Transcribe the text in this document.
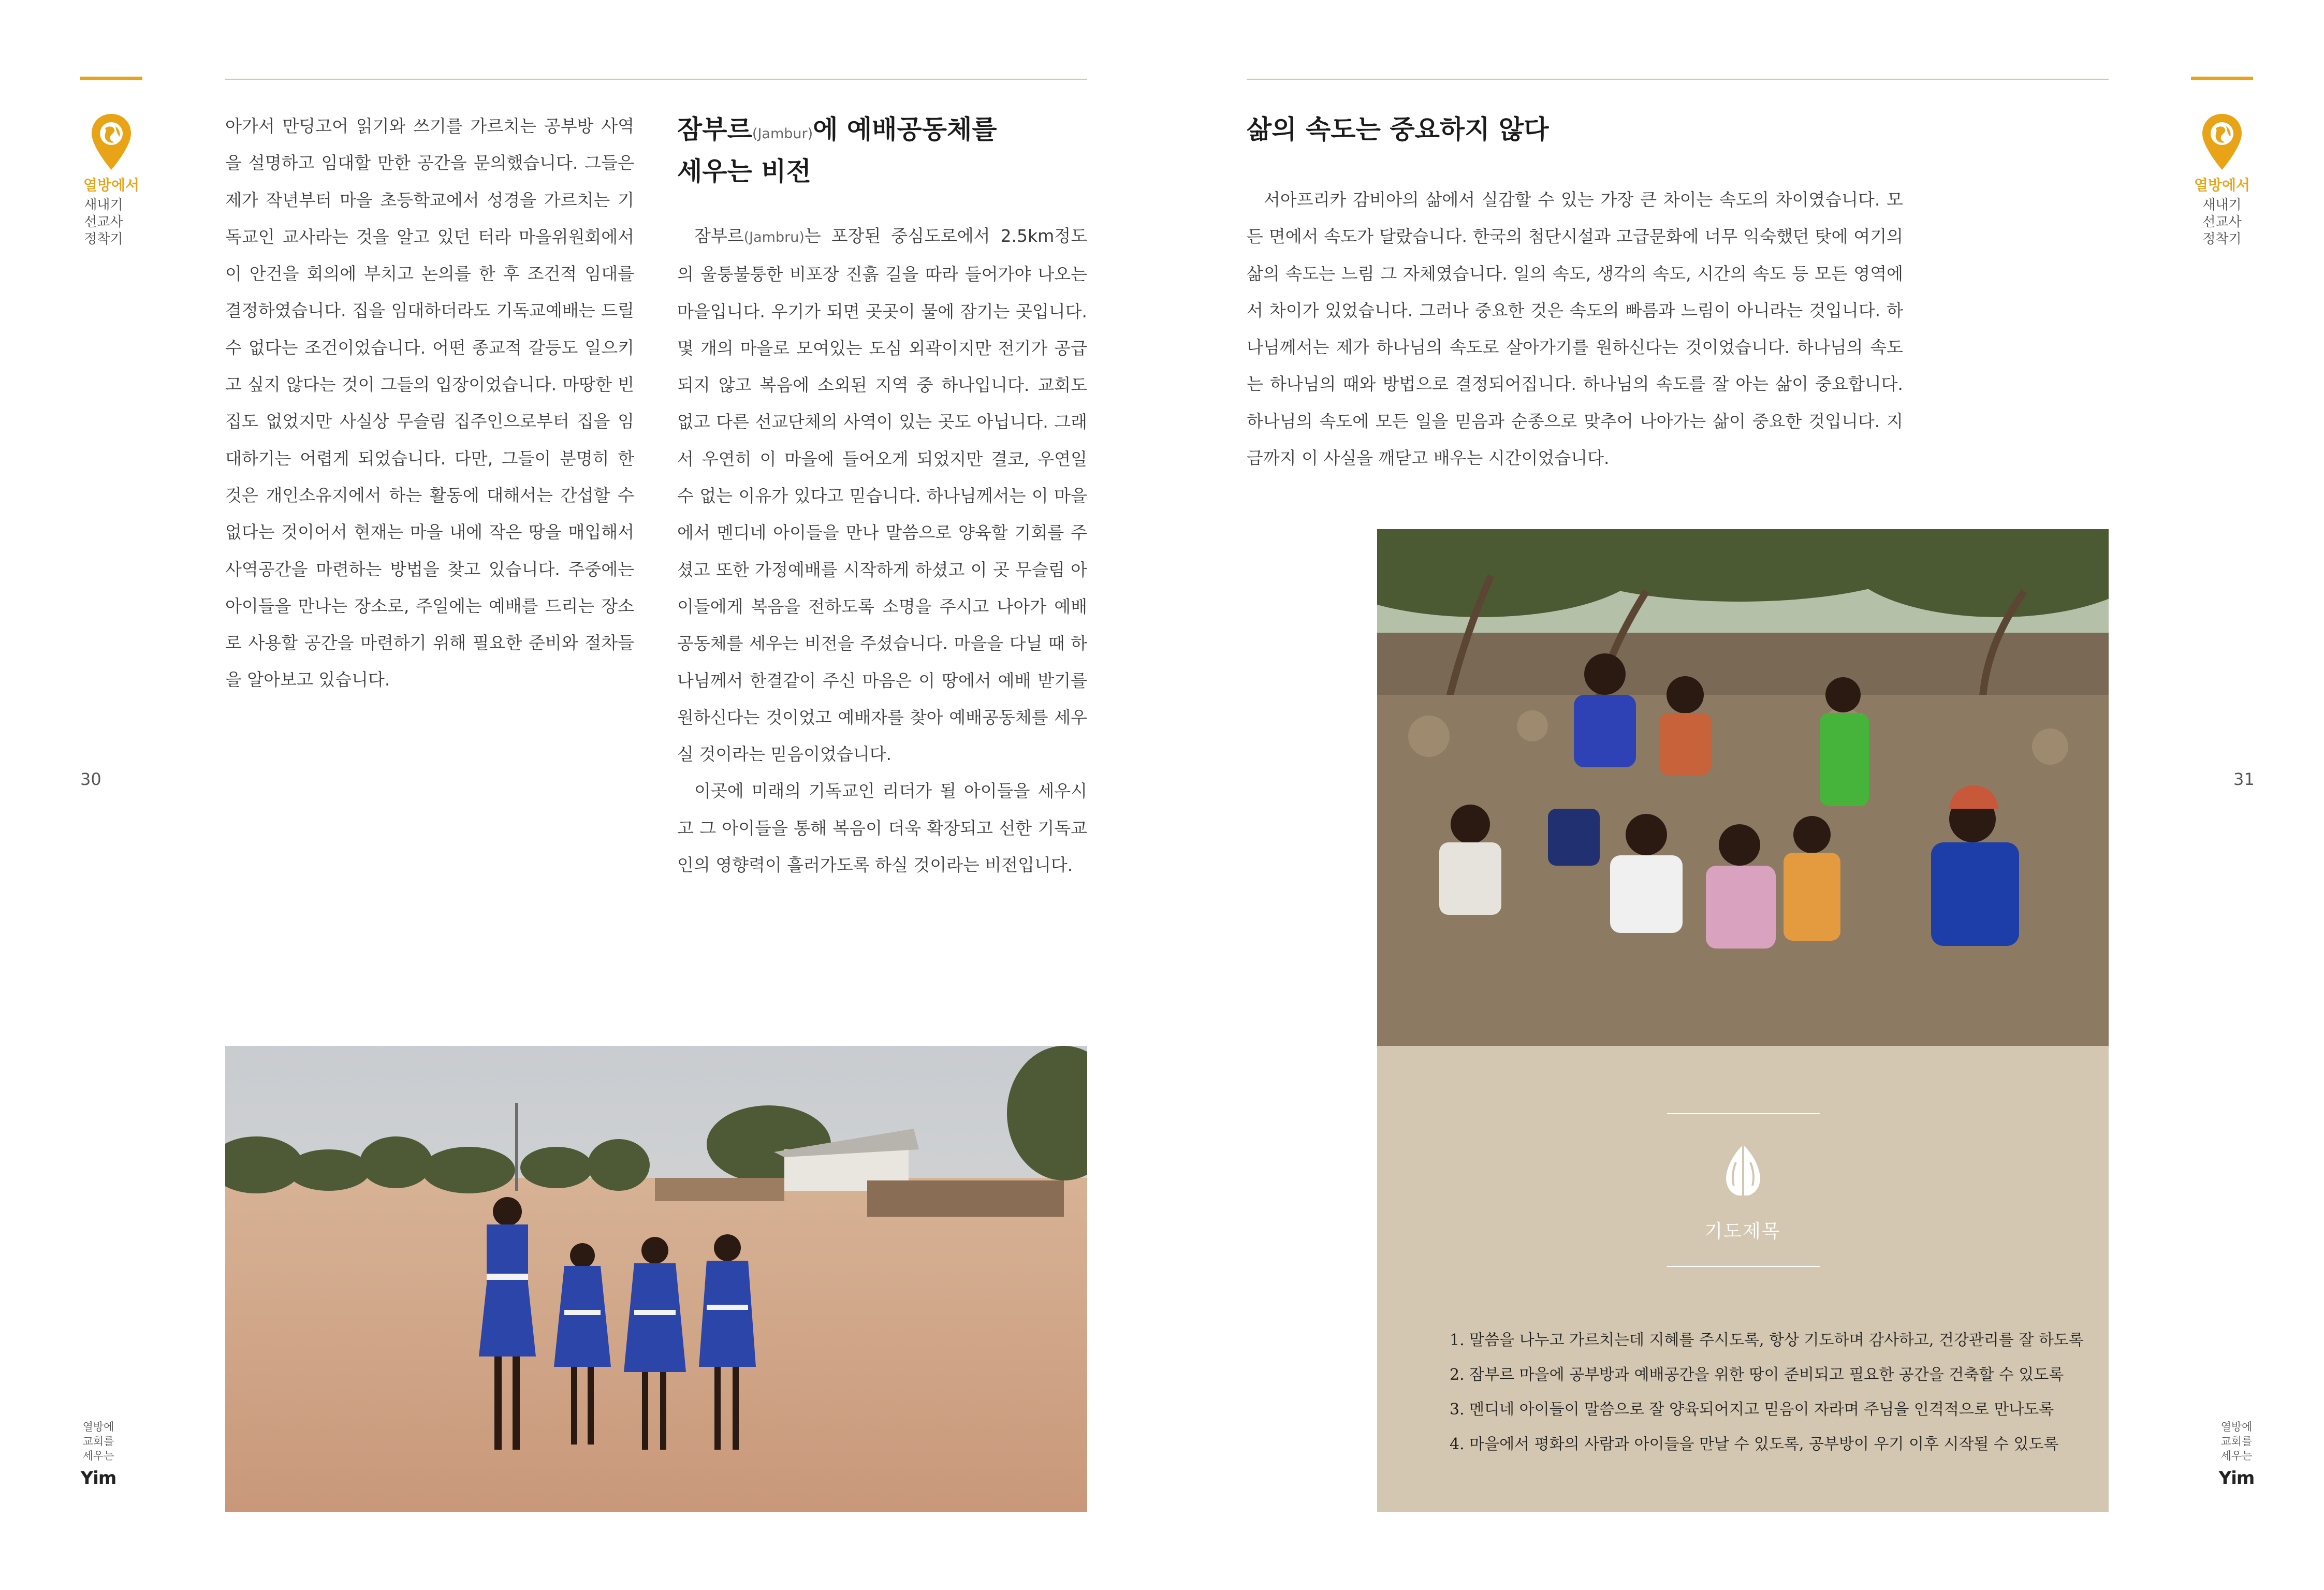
열방에서
새내기
선교사
정착기
30
열방에
교회를
세우는
Yim

아가서 만딩고어 읽기와 쓰기를 가르치는 공부방 사역을 설명하고 임대할 만한 공간을 문의했습니다. 그들은 제가 작년부터 마을 초등학교에서 성경을 가르치는 기독교인 교사라는 것을 알고 있던 터라 마을위원회에서 이 안건을 회의에 부치고 논의를 한 후 조건적 임대를 결정하였습니다. 집을 임대하더라도 기독교예배는 드릴 수 없다는 조건이었습니다. 어떤 종교적 갈등도 일으키고 싶지 않다는 것이 그들의 입장이었습니다. 마땅한 빈집도 없었지만 사실상 무슬림 집주인으로부터 집을 임대하기는 어렵게 되었습니다. 다만, 그들이 분명히 한 것은 개인소유지에서 하는 활동에 대해서는 간섭할 수 없다는 것이어서 현재는 마을 내에 작은 땅을 매입해서 사역공간을 마련하는 방법을 찾고 있습니다. 주중에는 아이들을 만나는 장소로, 주일에는 예배를 드리는 장소로 사용할 공간을 마련하기 위해 필요한 준비와 절차들을 알아보고 있습니다.

잠부르(Jambur)에 예배공동체를
세우는 비전

잠부르(Jambru)는 포장된 중심도로에서 2.5km정도의 울퉁불퉁한 비포장 진흙 길을 따라 들어가야 나오는 마을입니다. 우기가 되면 곳곳이 물에 잠기는 곳입니다. 몇 개의 마을로 모여있는 도심 외곽이지만 전기가 공급되지 않고 복음에 소외된 지역 중 하나입니다. 교회도 없고 다른 선교단체의 사역이 있는 곳도 아닙니다. 그래서 우연히 이 마을에 들어오게 되었지만 결코, 우연일 수 없는 이유가 있다고 믿습니다. 하나님께서는 이 마을에서 멘디네 아이들을 만나 말씀으로 양육할 기회를 주셨고 또한 가정예배를 시작하게 하셨고 이 곳 무슬림 아이들에게 복음을 전하도록 소명을 주시고 나아가 예배공동체를 세우는 비전을 주셨습니다. 마을을 다닐 때 하나님께서 한결같이 주신 마음은 이 땅에서 예배 받기를 원하신다는 것이었고 예배자를 찾아 예배공동체를 세우실 것이라는 믿음이었습니다.

이곳에 미래의 기독교인 리더가 될 아이들을 세우시고 그 아이들을 통해 복음이 더욱 확장되고 선한 기독교인의 영향력이 흘러가도록 하실 것이라는 비전입니다.

열방에서
새내기
선교사
정착기
31
열방에
교회를
세우는
Yim
삶의 속도는 중요하지 않다

서아프리카 감비아의 삶에서 실감할 수 있는 가장 큰 차이는 속도의 차이였습니다. 모든 면에서 속도가 달랐습니다. 한국의 첨단시설과 고급문화에 너무 익숙했던 탓에 여기의 삶의 속도는 느림 그 자체였습니다. 일의 속도, 생각의 속도, 시간의 속도 등 모든 영역에서 차이가 있었습니다. 그러나 중요한 것은 속도의 빠름과 느림이 아니라는 것입니다. 하나님께서는 제가 하나님의 속도로 살아가기를 원하신다는 것이었습니다. 하나님의 속도는 하나님의 때와 방법으로 결정되어집니다. 하나님의 속도를 잘 아는 삶이 중요합니다. 하나님의 속도에 모든 일을 믿음과 순종으로 맞추어 나아가는 삶이 중요한 것입니다. 지금까지 이 사실을 깨닫고 배우는 시간이었습니다.

기도제목
1. 말씀을 나누고 가르치는데 지혜를 주시도록, 항상 기도하며 감사하고, 건강관리를 잘 하도록
2. 잠부르 마을에 공부방과 예배공간을 위한 땅이 준비되고 필요한 공간을 건축할 수 있도록
3. 멘디네 아이들이 말씀으로 잘 양육되어지고 믿음이 자라며 주님을 인격적으로 만나도록
4. 마을에서 평화의 사람과 아이들을 만날 수 있도록, 공부방이 우기 이후 시작될 수 있도록
